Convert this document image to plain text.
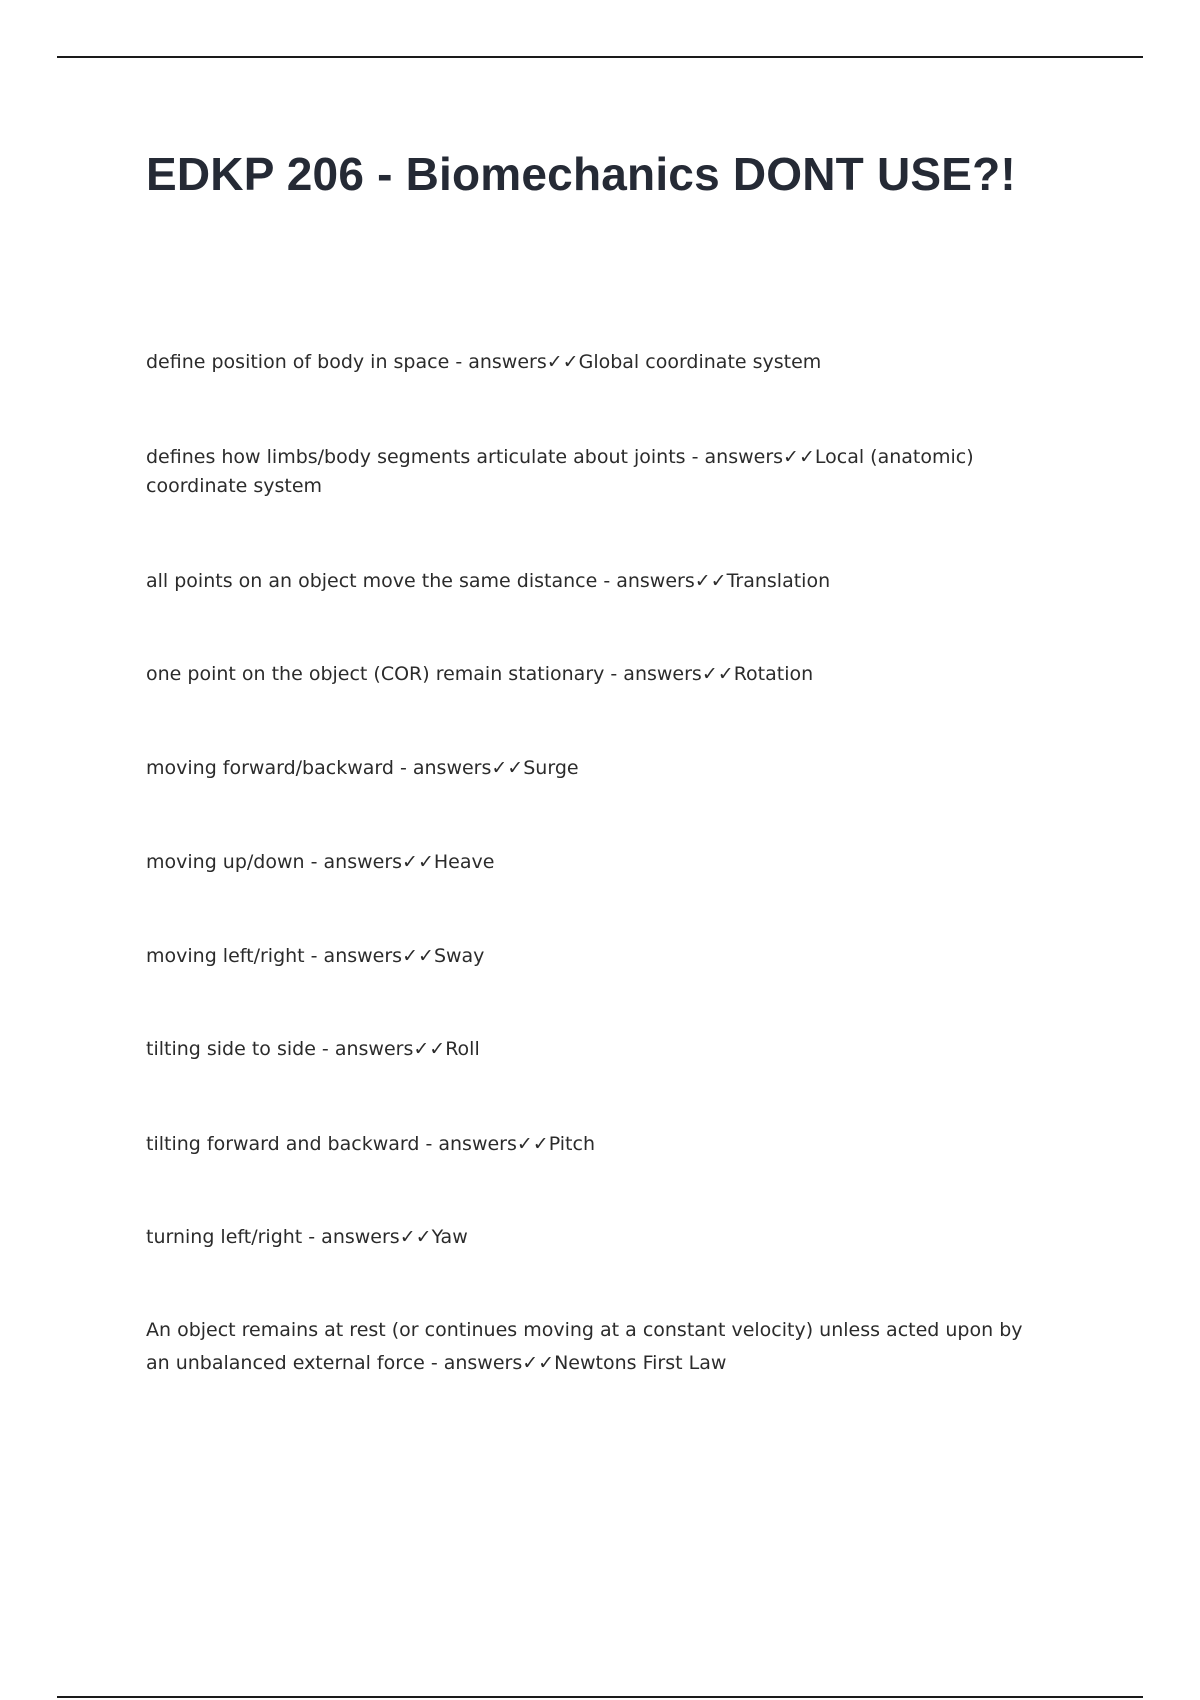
EDKP 206 - Biomechanics DONT USE?!

define position of body in space - answers✓✓Global coordinate system

defines how limbs/body segments articulate about joints - answers✓✓Local (anatomic) coordinate system

all points on an object move the same distance - answers✓✓Translation

one point on the object (COR) remain stationary - answers✓✓Rotation

moving forward/backward - answers✓✓Surge

moving up/down - answers✓✓Heave

moving left/right - answers✓✓Sway

tilting side to side - answers✓✓Roll

tilting forward and backward - answers✓✓Pitch

turning left/right - answers✓✓Yaw

An object remains at rest (or continues moving at a constant velocity) unless acted upon by an unbalanced external force - answers✓✓Newtons First Law
